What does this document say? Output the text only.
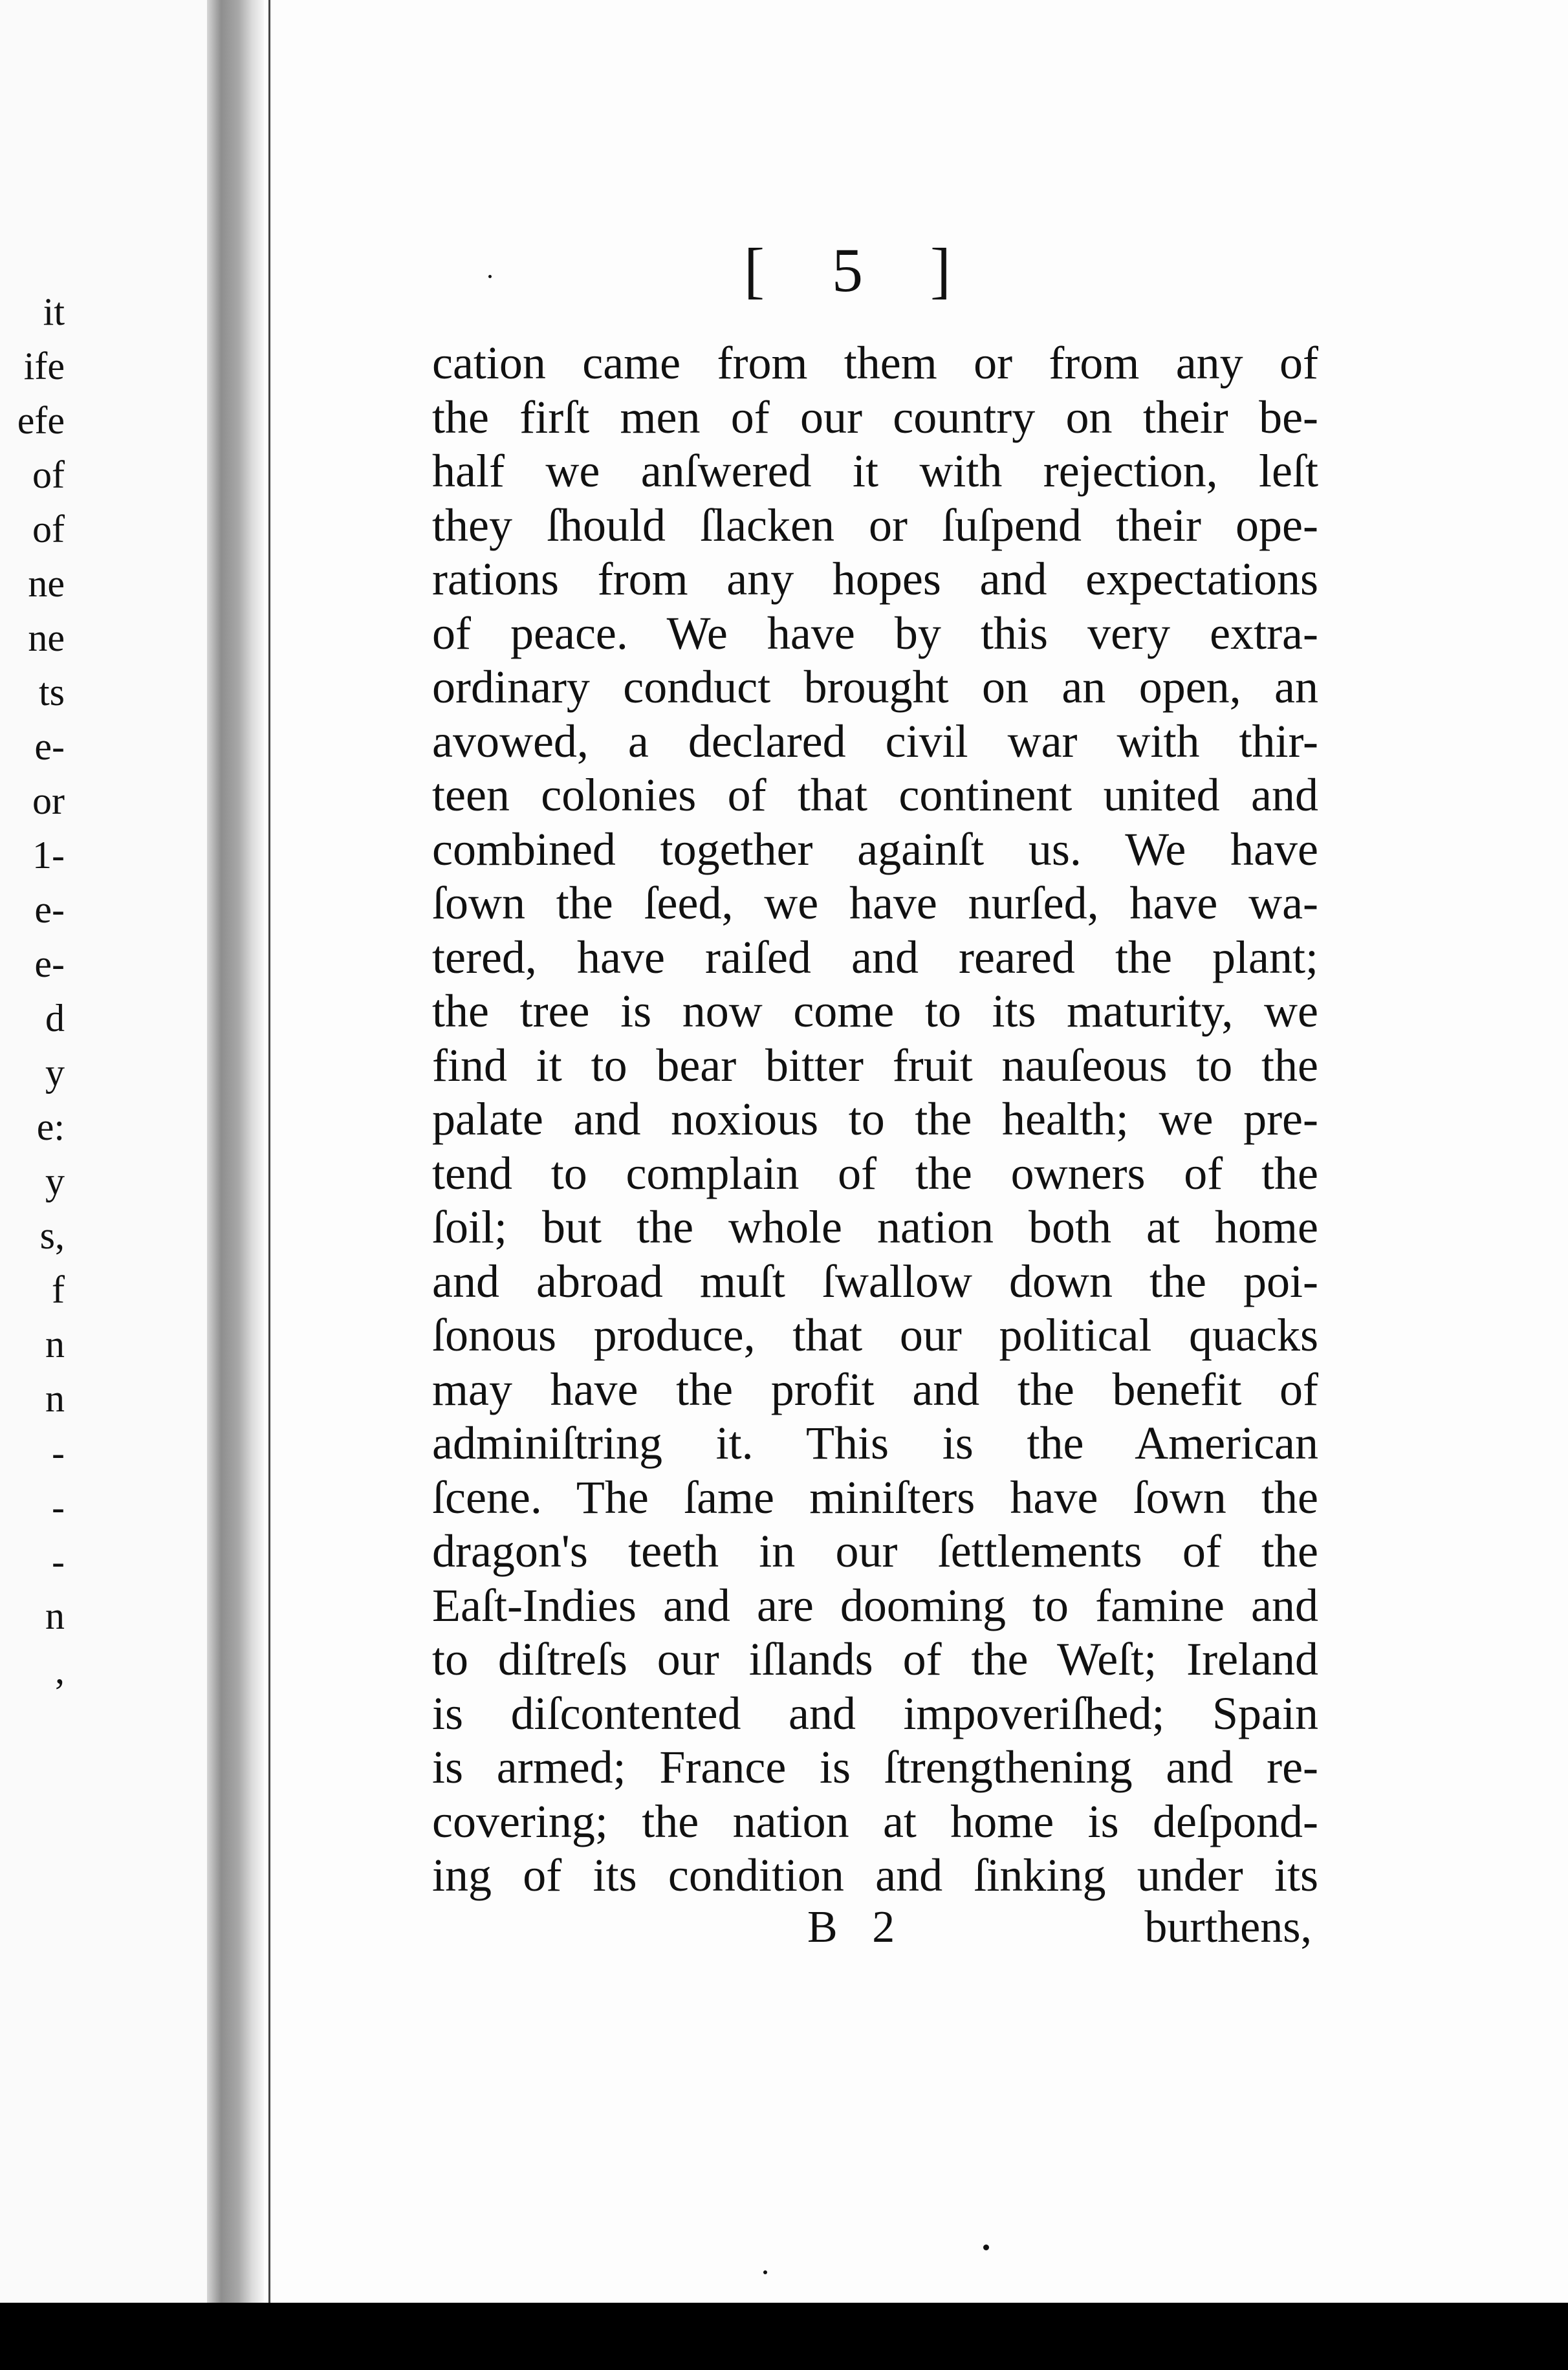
it
ife
efe
of
of
ne
ne
ts
e-
or
1-
e-
e-
d
y
e:
y
s,
f
n
n
-
-
-
n
,
[ 5 ]
cation came from them or from any of
the firſt men of our country on their be-
half we anſwered it with rejection, leſt
they ſhould ſlacken or ſuſpend their ope-
rations from any hopes and expectations
of peace. We have by this very extra-
ordinary conduct brought on an open, an
avowed, a declared civil war with thir-
teen colonies of that continent united and
combined together againſt us. We have
ſown the ſeed, we have nurſed, have wa-
tered, have raiſed and reared the plant;
the tree is now come to its maturity, we
find it to bear bitter fruit nauſeous to the
palate and noxious to the health; we pre-
tend to complain of the owners of the
ſoil; but the whole nation both at home
and abroad muſt ſwallow down the poi-
ſonous produce, that our political quacks
may have the profit and the benefit of
adminiſtring it. This is the American
ſcene. The ſame miniſters have ſown the
dragon's teeth in our ſettlements of the
Eaſt-Indies and are dooming to famine and
to diſtreſs our iſlands of the Weſt; Ireland
is diſcontented and impoveriſhed; Spain
is armed; France is ſtrengthening and re-
covering; the nation at home is deſpond-
ing of its condition and ſinking under its
B 2	burthens,
